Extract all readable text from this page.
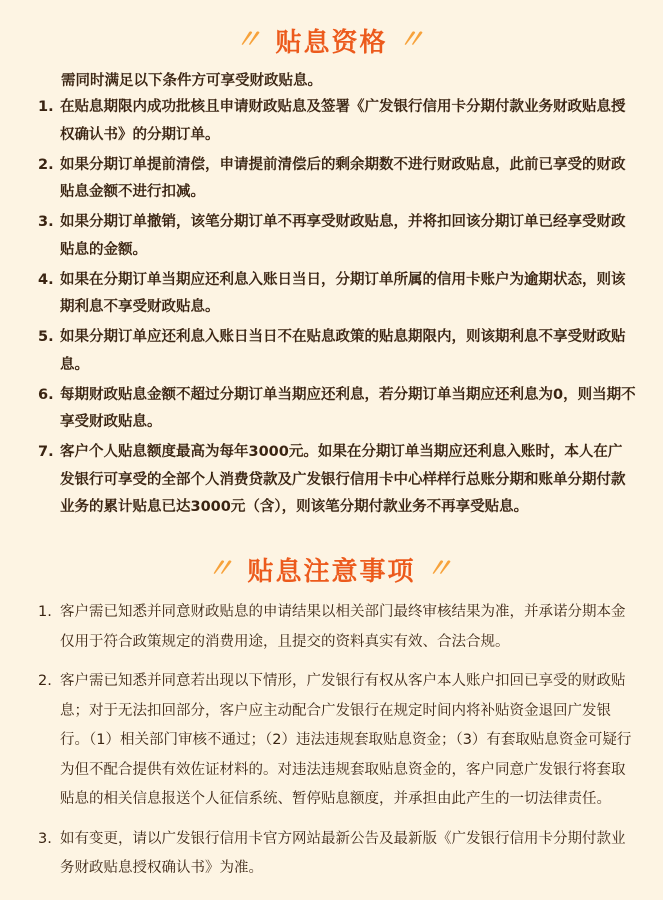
〃 贴息资格 〃
需同时满足以下条件方可享受财政贴息。
1. 在贴息期限内成功批核且申请财政贴息及签署《广发银行信用卡分期付款业务财政贴息授权确认书》的分期订单。
2. 如果分期订单提前清偿，申请提前清偿后的剩余期数不进行财政贴息，此前已享受的财政贴息金额不进行扣减。
3. 如果分期订单撤销，该笔分期订单不再享受财政贴息，并将扣回该分期订单已经享受财政贴息的金额。
4. 如果在分期订单当期应还利息入账日当日，分期订单所属的信用卡账户为逾期状态，则该期利息不享受财政贴息。
5. 如果分期订单应还利息入账日当日不在贴息政策的贴息期限内，则该期利息不享受财政贴息。
6. 每期财政贴息金额不超过分期订单当期应还利息，若分期订单当期应还利息为0，则当期不享受财政贴息。
7. 客户个人贴息额度最高为每年3000元。如果在分期订单当期应还利息入账时，本人在广发银行可享受的全部个人消费贷款及广发银行信用卡中心样样行总账分期和账单分期付款业务的累计贴息已达3000元（含），则该笔分期付款业务不再享受贴息。
〃 贴息注意事项 〃
1. 客户需已知悉并同意财政贴息的申请结果以相关部门最终审核结果为准，并承诺分期本金仅用于符合政策规定的消费用途，且提交的资料真实有效、合法合规。
2. 客户需已知悉并同意若出现以下情形，广发银行有权从客户本人账户扣回已享受的财政贴息；对于无法扣回部分，客户应主动配合广发银行在规定时间内将补贴资金退回广发银行。（1）相关部门审核不通过；（2）违法违规套取贴息资金；（3）有套取贴息资金可疑行为但不配合提供有效佐证材料的。对违法违规套取贴息资金的，客户同意广发银行将套取贴息的相关信息报送个人征信系统、暂停贴息额度，并承担由此产生的一切法律责任。
3. 如有变更，请以广发银行信用卡官方网站最新公告及最新版《广发银行信用卡分期付款业务财政贴息授权确认书》为准。
